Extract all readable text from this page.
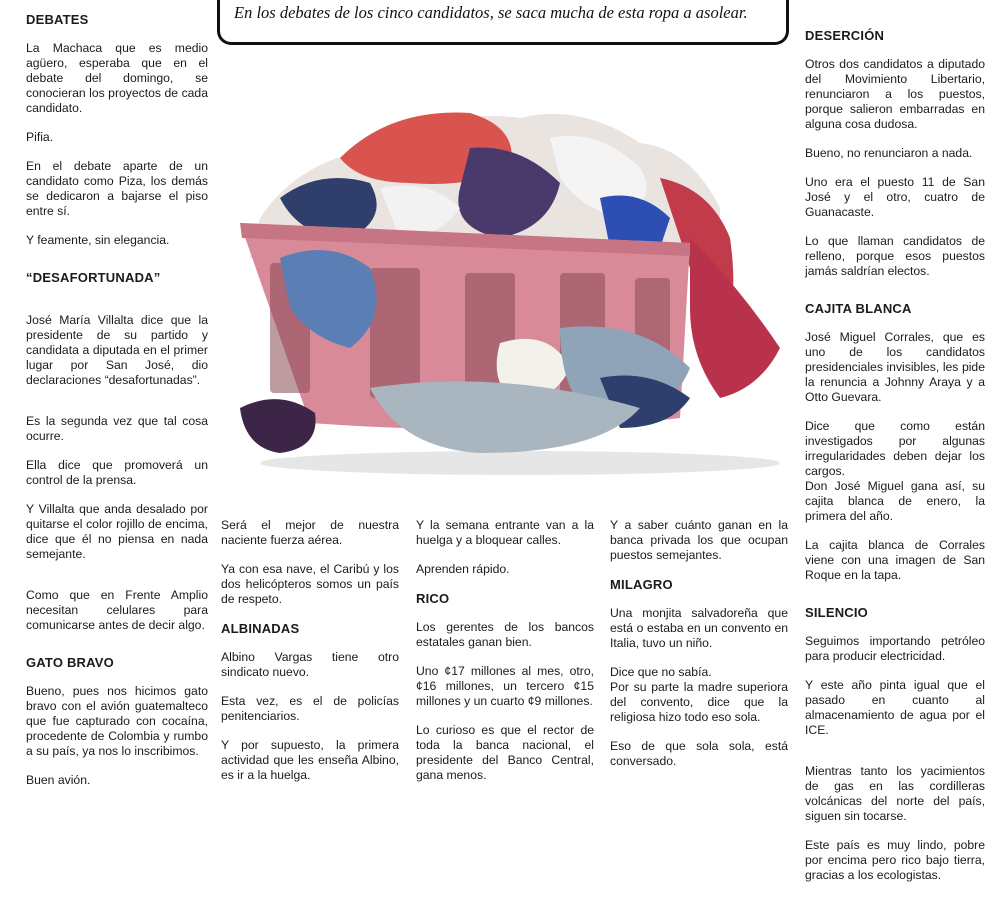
En los debates de los cinco candidatos, se saca mucha de esta ropa a asolear.
DEBATES

La Machaca que es medio agüero, esperaba que en el debate del domingo, se conocieran los proyectos de cada candidato.

Pifia.

En el debate aparte de un candidato como Piza, los demás se dedicaron a bajarse el piso entre sí.

Y feamente, sin elegancia.

“DESAFORTUNADA”

José María Villalta dice que la presidente de su partido y candidata a diputada en el primer lugar por San José, dio declaraciones “desafortunadas”.

Es la segunda vez que tal cosa ocurre.

Ella dice que promoverá un control de la prensa.

Y Villalta que anda desalado por quitarse el color rojillo de encima, dice que él no piensa en nada semejante.

Como que en Frente Amplio necesitan celulares para comunicarse antes de decir algo.

GATO BRAVO

Bueno, pues nos hicimos gato bravo con el avión guatemalteco que fue capturado con cocaína, procedente de Colombia y rumbo a su país, ya nos lo inscribimos.

Buen avión.

Será el mejor de nuestra naciente fuerza aérea.

Ya con esa nave, el Caribú y los dos helicópteros somos un país de respeto.

ALBINADAS

Albino Vargas tiene otro sindicato nuevo.

Esta vez, es el de policías penitenciarios.

Y por supuesto, la primera actividad que les enseña Albino, es ir a la huelga.

Y la semana entrante van a la huelga y a bloquear calles.

Aprenden rápido.

RICO

Los gerentes de los bancos estatales ganan bien.

Uno ¢17 millones al mes, otro, ¢16 millones, un tercero ¢15 millones y un cuarto ¢9 millones.

Lo curioso es que el rector de toda la banca nacional, el presidente del Banco Central, gana menos.

Y a saber cuánto ganan en la banca privada los que ocupan puestos semejantes.

MILAGRO

Una monjita salvadoreña que está o estaba en un convento en Italia, tuvo un niño.

Dice que no sabía.

Por su parte la madre superiora del convento, dice que la religiosa hizo todo eso sola.

Eso de que sola sola, está conversado.

DESERCIÓN

Otros dos candidatos a diputado del Movimiento Libertario, renunciaron a los puestos, porque salieron embarradas en alguna cosa dudosa.

Bueno, no renunciaron a nada.

Uno era el puesto 11 de San José y el otro, cuatro de Guanacaste.

Lo que llaman candidatos de relleno, porque esos puestos jamás saldrían electos.

CAJITA BLANCA

José Miguel Corrales, que es uno de los candidatos presidenciales invisibles, les pide la renuncia a Johnny Araya y a Otto Guevara.

Dice que como están investigados por algunas irregularidades deben dejar los cargos.

Don José Miguel gana así, su cajita blanca de enero, la primera del año.

La cajita blanca de Corrales viene con una imagen de San Roque en la tapa.

SILENCIO

Seguimos importando petróleo para producir electricidad.

Y este año pinta igual que el pasado en cuanto al almacenamiento de agua por el ICE.

Mientras tanto los yacimientos de gas en las cordilleras volcánicas del norte del país, siguen sin tocarse.

Este país es muy lindo, pobre por encima pero rico bajo tierra, gracias a los ecologistas.
